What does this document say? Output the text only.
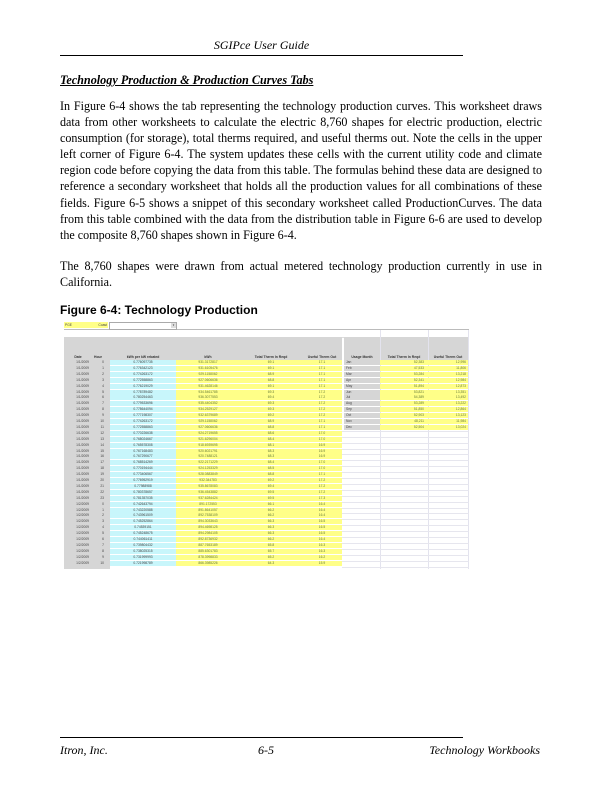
SGIPce User Guide
Technology Production & Production Curves Tabs
In Figure 6-4 shows the tab representing the technology production curves. This worksheet draws data from other worksheets to calculate the electric 8,760 shapes for electric production, electric consumption (for storage), total therms required, and useful therms out. Note the cells in the upper left corner of Figure 6-4. The system updates these cells with the current utility code and climate region code before copying the data from this table. The formulas behind these data are designed to reference a secondary worksheet that holds all the production values for all combinations of these fields. Figure 6-5 shows a snippet of this secondary worksheet called ProductionCurves. The data from this table combined with the data from the distribution table in Figure 6-6 are used to develop the composite 8,760 shapes shown in Figure 6-4.
The 8,760 shapes were drawn from actual metered technology production currently in use in California.
Figure 6-4: Technology Production
PGE	Coast	▾
Date	Hour	kWh per kW rebated	kWh	Total Therm In Reqd	Useful Therm Out	Usage Month	Total Therm In Reqd	Useful Therm Out
1/1/2009	0	0.776097735	931.3172817	69.1	17.1
1/1/2009	1	0.776342123	931.6105476	69.1	17.1
1/1/2009	2	0.774263172	929.1158062	68.9	17.1
1/1/2009	3	0.772558863	927.0606636	68.8	17.1
1/1/2009	4	0.776219029	931.4628146	69.1	17.1
1/1/2009	5	0.778789482	934.5461785	69.3	17.2
1/1/2009	6	0.780254463	936.3077553	69.4	17.2
1/1/2009	7	0.779533696	935.4404352	69.3	17.2
1/1/2009	8	0.778644094	934.2529127	69.3	17.2
1/1/2009	9	0.777198307	932.6379689	69.2	17.2
1/1/2009	10	0.774263172	929.1158062	68.9	17.1
1/1/2009	11	0.772558863	927.0606636	68.8	17.1
1/1/2009	12	0.770226638	924.2719655	68.6	17.0
1/1/2009	13	0.768024667	921.6296004	68.4	17.0
1/1/2009	14	0.765578308	918.6939695	68.1	16.9
1/1/2009	15	0.767168483	920.6021791	68.3	16.9
1/1/2009	16	0.767290677	920.7488121	68.3	16.9
1/1/2009	17	0.768514269	922.2171229	68.4	17.0
1/1/2009	18	0.770194444	924.1253329	68.5	17.0
1/1/2009	19	0.773406567	928.0883849	68.8	17.1
1/1/2009	20	0.776952919	932.344783	69.2	17.2
1/1/2009	21	0.77988988	935.8678083	69.4	17.2
1/1/2009	22	0.780378657	936.4543882	69.5	17.2
1/1/2009	23	0.781357035	937.6284424	69.5	17.3
1/2/2009	0	0.742643794	891.172553	66.1	16.4
1/2/2009	1	0.743220588	891.8641057	66.2	16.4
1/2/2009	2	0.743961509	892.7538109	66.2	16.4
1/2/2009	3	0.745252864	894.3033643	66.3	16.5
1/2/2009	4	0.74539151	894.4698125	66.3	16.5
1/2/2009	5	0.745248675	894.2984105	66.3	16.5
1/2/2009	6	0.744061411	892.8736932	66.2	16.4
1/2/2009	7	0.739804432	887.7653189	65.8	16.3
1/2/2009	8	0.738025315	885.6301783	65.7	16.3
1/2/2009	9	0.731999993	878.3998833	65.2	16.2
1/2/2009	10	0.721998789	866.3985226	64.3	15.9
Jan	52,383	12,996
Feb	47,533	11,806
Mar	53,284	13,218
Apr	52,341	12,984
May	51,894	12,873
Jun	53,821	13,351
Jul	54,389	13,492
Aug	53,289	13,222
Sep	51,850	12,864
Oct	52,903	13,123
Nov	48,211	11,984
Dec	52,504	13,024
Itron, Inc.	6-5	Technology Workbooks
